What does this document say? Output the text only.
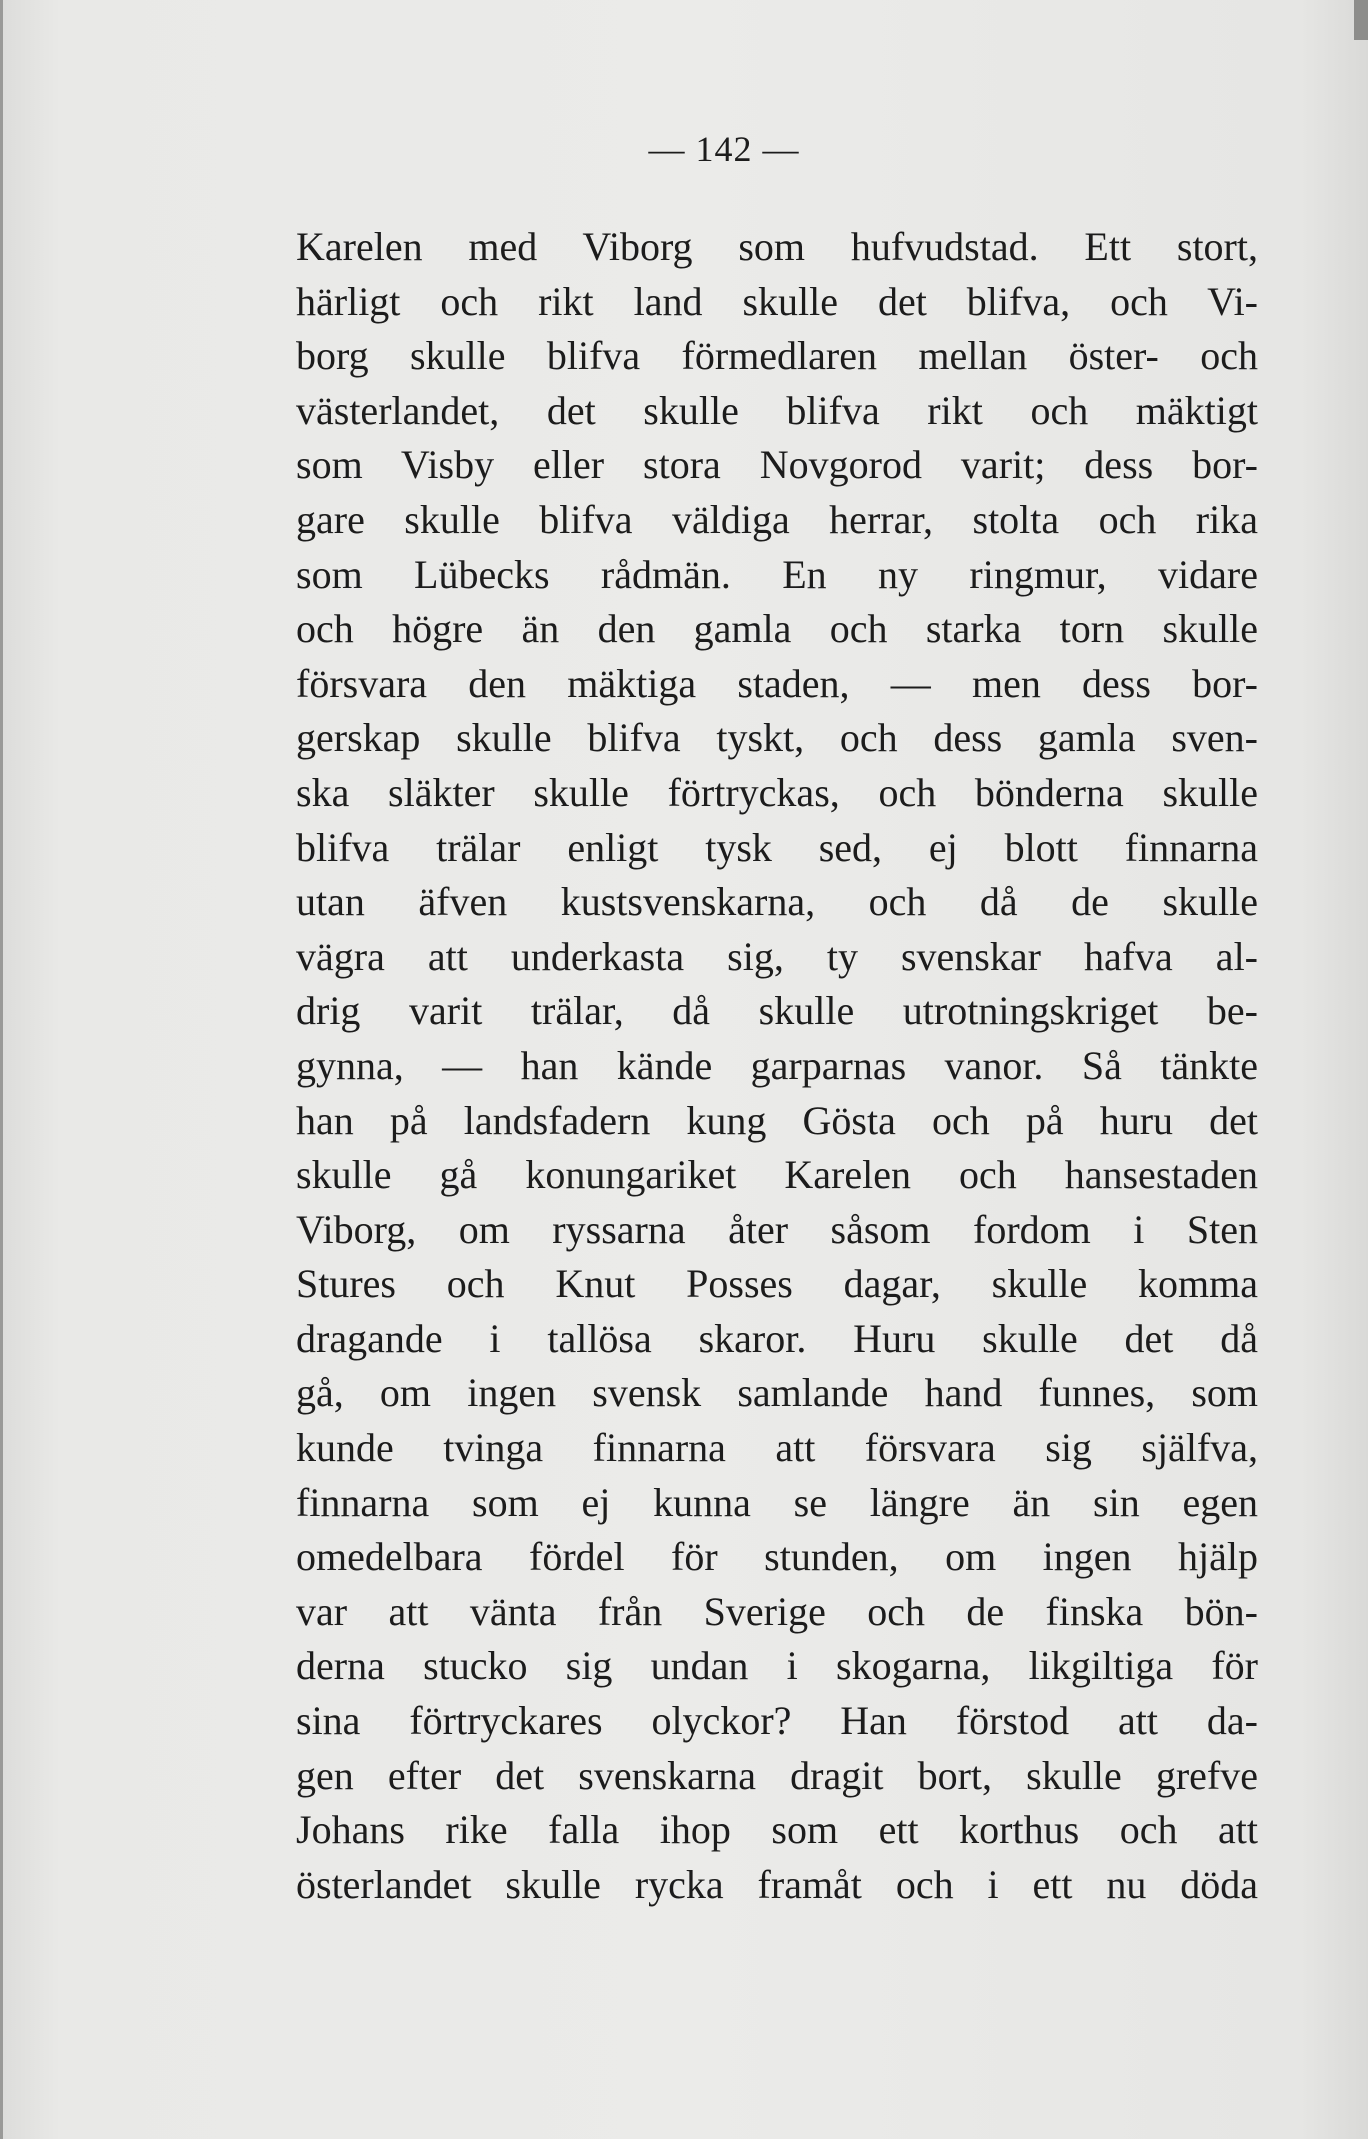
— 142 —
Karelen med Viborg som hufvudstad. Ett stort,
härligt och rikt land skulle det blifva, och Vi-
borg skulle blifva förmedlaren mellan öster- och
västerlandet, det skulle blifva rikt och mäktigt
som Visby eller stora Novgorod varit; dess bor-
gare skulle blifva väldiga herrar, stolta och rika
som Lübecks rådmän. En ny ringmur, vidare
och högre än den gamla och starka torn skulle
försvara den mäktiga staden, — men dess bor-
gerskap skulle blifva tyskt, och dess gamla sven-
ska släkter skulle förtryckas, och bönderna skulle
blifva trälar enligt tysk sed, ej blott finnarna
utan äfven kustsvenskarna, och då de skulle
vägra att underkasta sig, ty svenskar hafva al-
drig varit trälar, då skulle utrotningskriget be-
gynna, — han kände garparnas vanor. Så tänkte
han på landsfadern kung Gösta och på huru det
skulle gå konungariket Karelen och hansestaden
Viborg, om ryssarna åter såsom fordom i Sten
Stures och Knut Posses dagar, skulle komma
dragande i tallösa skaror. Huru skulle det då
gå, om ingen svensk samlande hand funnes, som
kunde tvinga finnarna att försvara sig själfva,
finnarna som ej kunna se längre än sin egen
omedelbara fördel för stunden, om ingen hjälp
var att vänta från Sverige och de finska bön-
derna stucko sig undan i skogarna, likgiltiga för
sina förtryckares olyckor? Han förstod att da-
gen efter det svenskarna dragit bort, skulle grefve
Johans rike falla ihop som ett korthus och att
österlandet skulle rycka framåt och i ett nu döda
